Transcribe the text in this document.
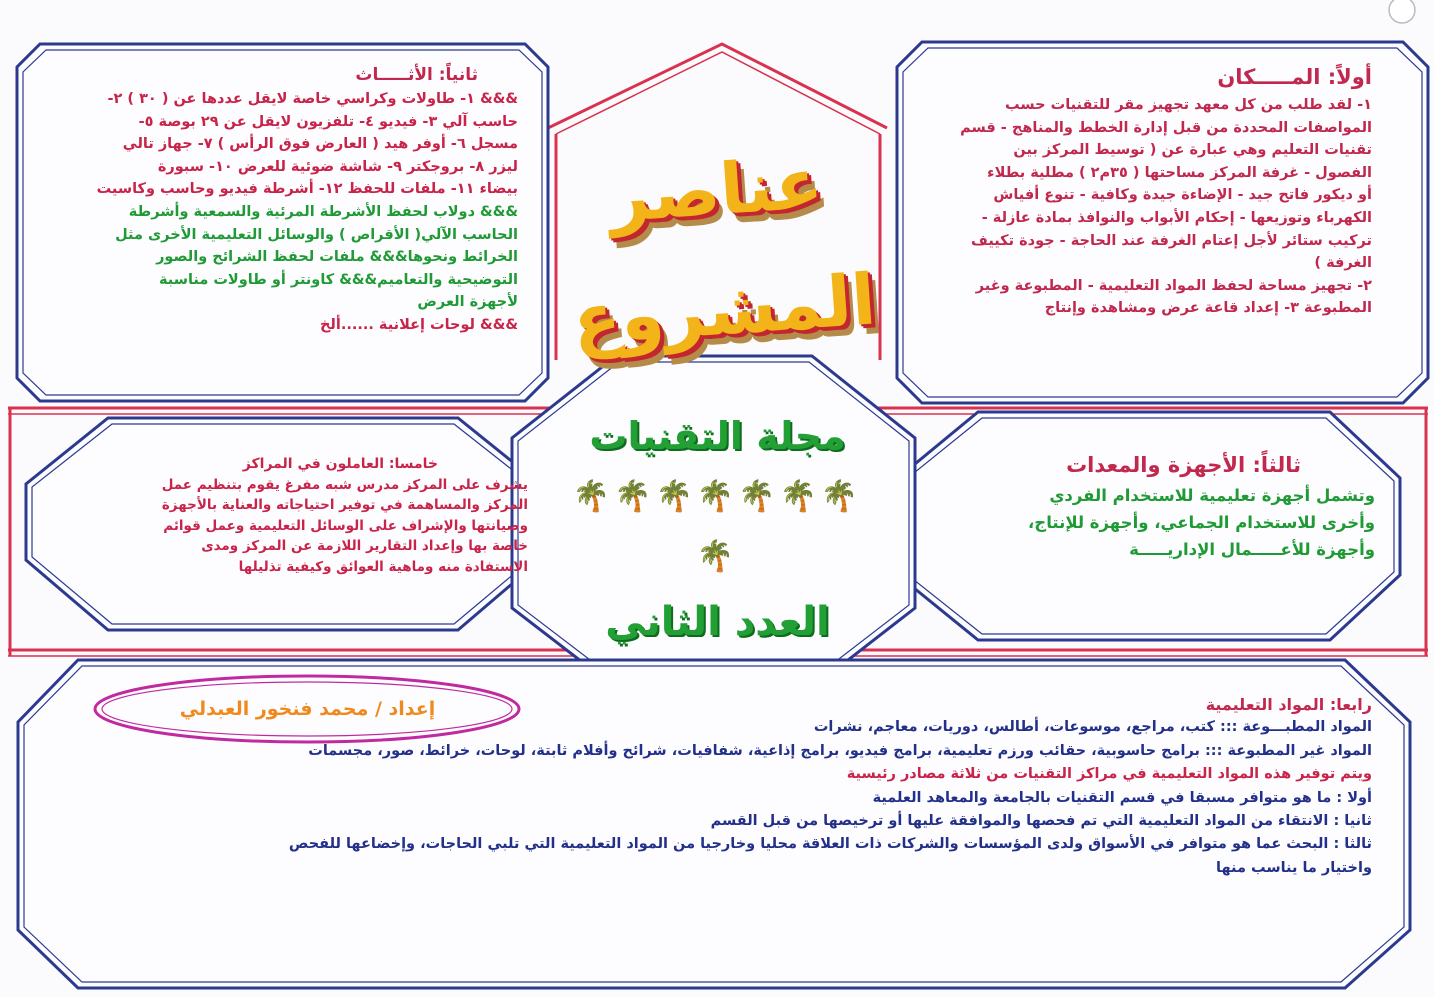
عناصر المشروع
أولاً: المـــــكان
١- لقد طلب من كل معهد تجهيز مقر للتقنيات حسب
المواصفات المحددة من قبل إدارة الخطط والمناهج - قسم
تقنيات التعليم وهي عبارة عن ( توسيط المركز بين
الفصول - غرفة المركز مساحتها ( ٣٥م٢ ) مطلية بطلاء
أو ديكور فاتح جيد - الإضاءة جيدة وكافية - تنوع أفياش
الكهرباء وتوزيعها - إحكام الأبواب والنوافذ بمادة عازلة -
تركيب ستائر لأجل إعتام الغرفة عند الحاجة - جودة تكييف
الغرفة )
٢- تجهيز مساحة لحفظ المواد التعليمية - المطبوعة وغير
المطبوعة ٣- إعداد قاعة عرض ومشاهدة وإنتاج
ثانياً: الأثـــــاث
&&& ١- طاولات وكراسي خاصة لايقل عددها عن ( ٣٠ ) ٢-
حاسب آلي ٣- فيديو ٤- تلفزيون لايقل عن ٢٩ بوصة ٥-
مسجل ٦- أوفر هيد ( العارض فوق الرأس ) ٧- جهاز تالي
ليزر ٨- بروجكتر ٩- شاشة ضوئية للعرض ١٠- سبورة
بيضاء ١١- ملفات للحفظ ١٢- أشرطة فيديو وحاسب وكاسيت
&&& دولاب لحفظ الأشرطة المرئية والسمعية وأشرطة
الحاسب الآلي( الأقراص ) والوسائل التعليمية الأخرى مثل
الخرائط ونحوها&&& ملفات لحفظ الشرائح والصور
التوضيحية والتعاميم&&& كاونتر أو طاولات مناسبة
لأجهزة العرض
&&& لوحات إعلانية ......ألخ
ثالثاً: الأجهزة والمعدات
وتشمل أجهزة تعليمية للاستخدام الفردي
وأخرى للاستخدام الجماعي، وأجهزة للإنتاج،
وأجهزة للأعـــــمال الإداريـــــة
خامسا: العاملون في المراكز
يشرف على المركز مدرس شبه مفرغ يقوم بتنظيم عمل
المركز والمساهمة في توفير احتياجاته والعناية بالأجهزة
وصيانتها والإشراف على الوسائل التعليمية وعمل قوائم
خاصة بها وإعداد التقارير اللازمة عن المركز ومدى
الاستفادة منه وماهية العوائق وكيفية تذليلها
مجلة التقنيات
🌴🌴🌴🌴🌴🌴🌴🌴
العدد الثاني
إعداد / محمد فنخور العبدلي	رابعا: المواد التعليمية
المواد المطبـــوعة ::: كتب، مراجع، موسوعات، أطالس، دوريات، معاجم، نشرات
المواد غير المطبوعة ::: برامج حاسوبية، حقائب ورزم تعليمية، برامج فيديو، برامج إذاعية، شفافيات، شرائح وأفلام ثابتة، لوحات، خرائط، صور، مجسمات
ويتم توفير هذه المواد التعليمية في مراكز التقنيات من ثلاثة مصادر رئيسية
أولا : ما هو متوافر مسبقا في قسم التقنيات بالجامعة والمعاهد العلمية
ثانيا : الانتقاء من المواد التعليمية التي تم فحصها والموافقة عليها أو ترخيصها من قبل القسم
ثالثا : البحث عما هو متوافر في الأسواق ولدى المؤسسات والشركات ذات العلاقة محليا وخارجيا من المواد التعليمية التي تلبي الحاجات، وإخضاعها للفحص
واختيار ما يناسب منها
